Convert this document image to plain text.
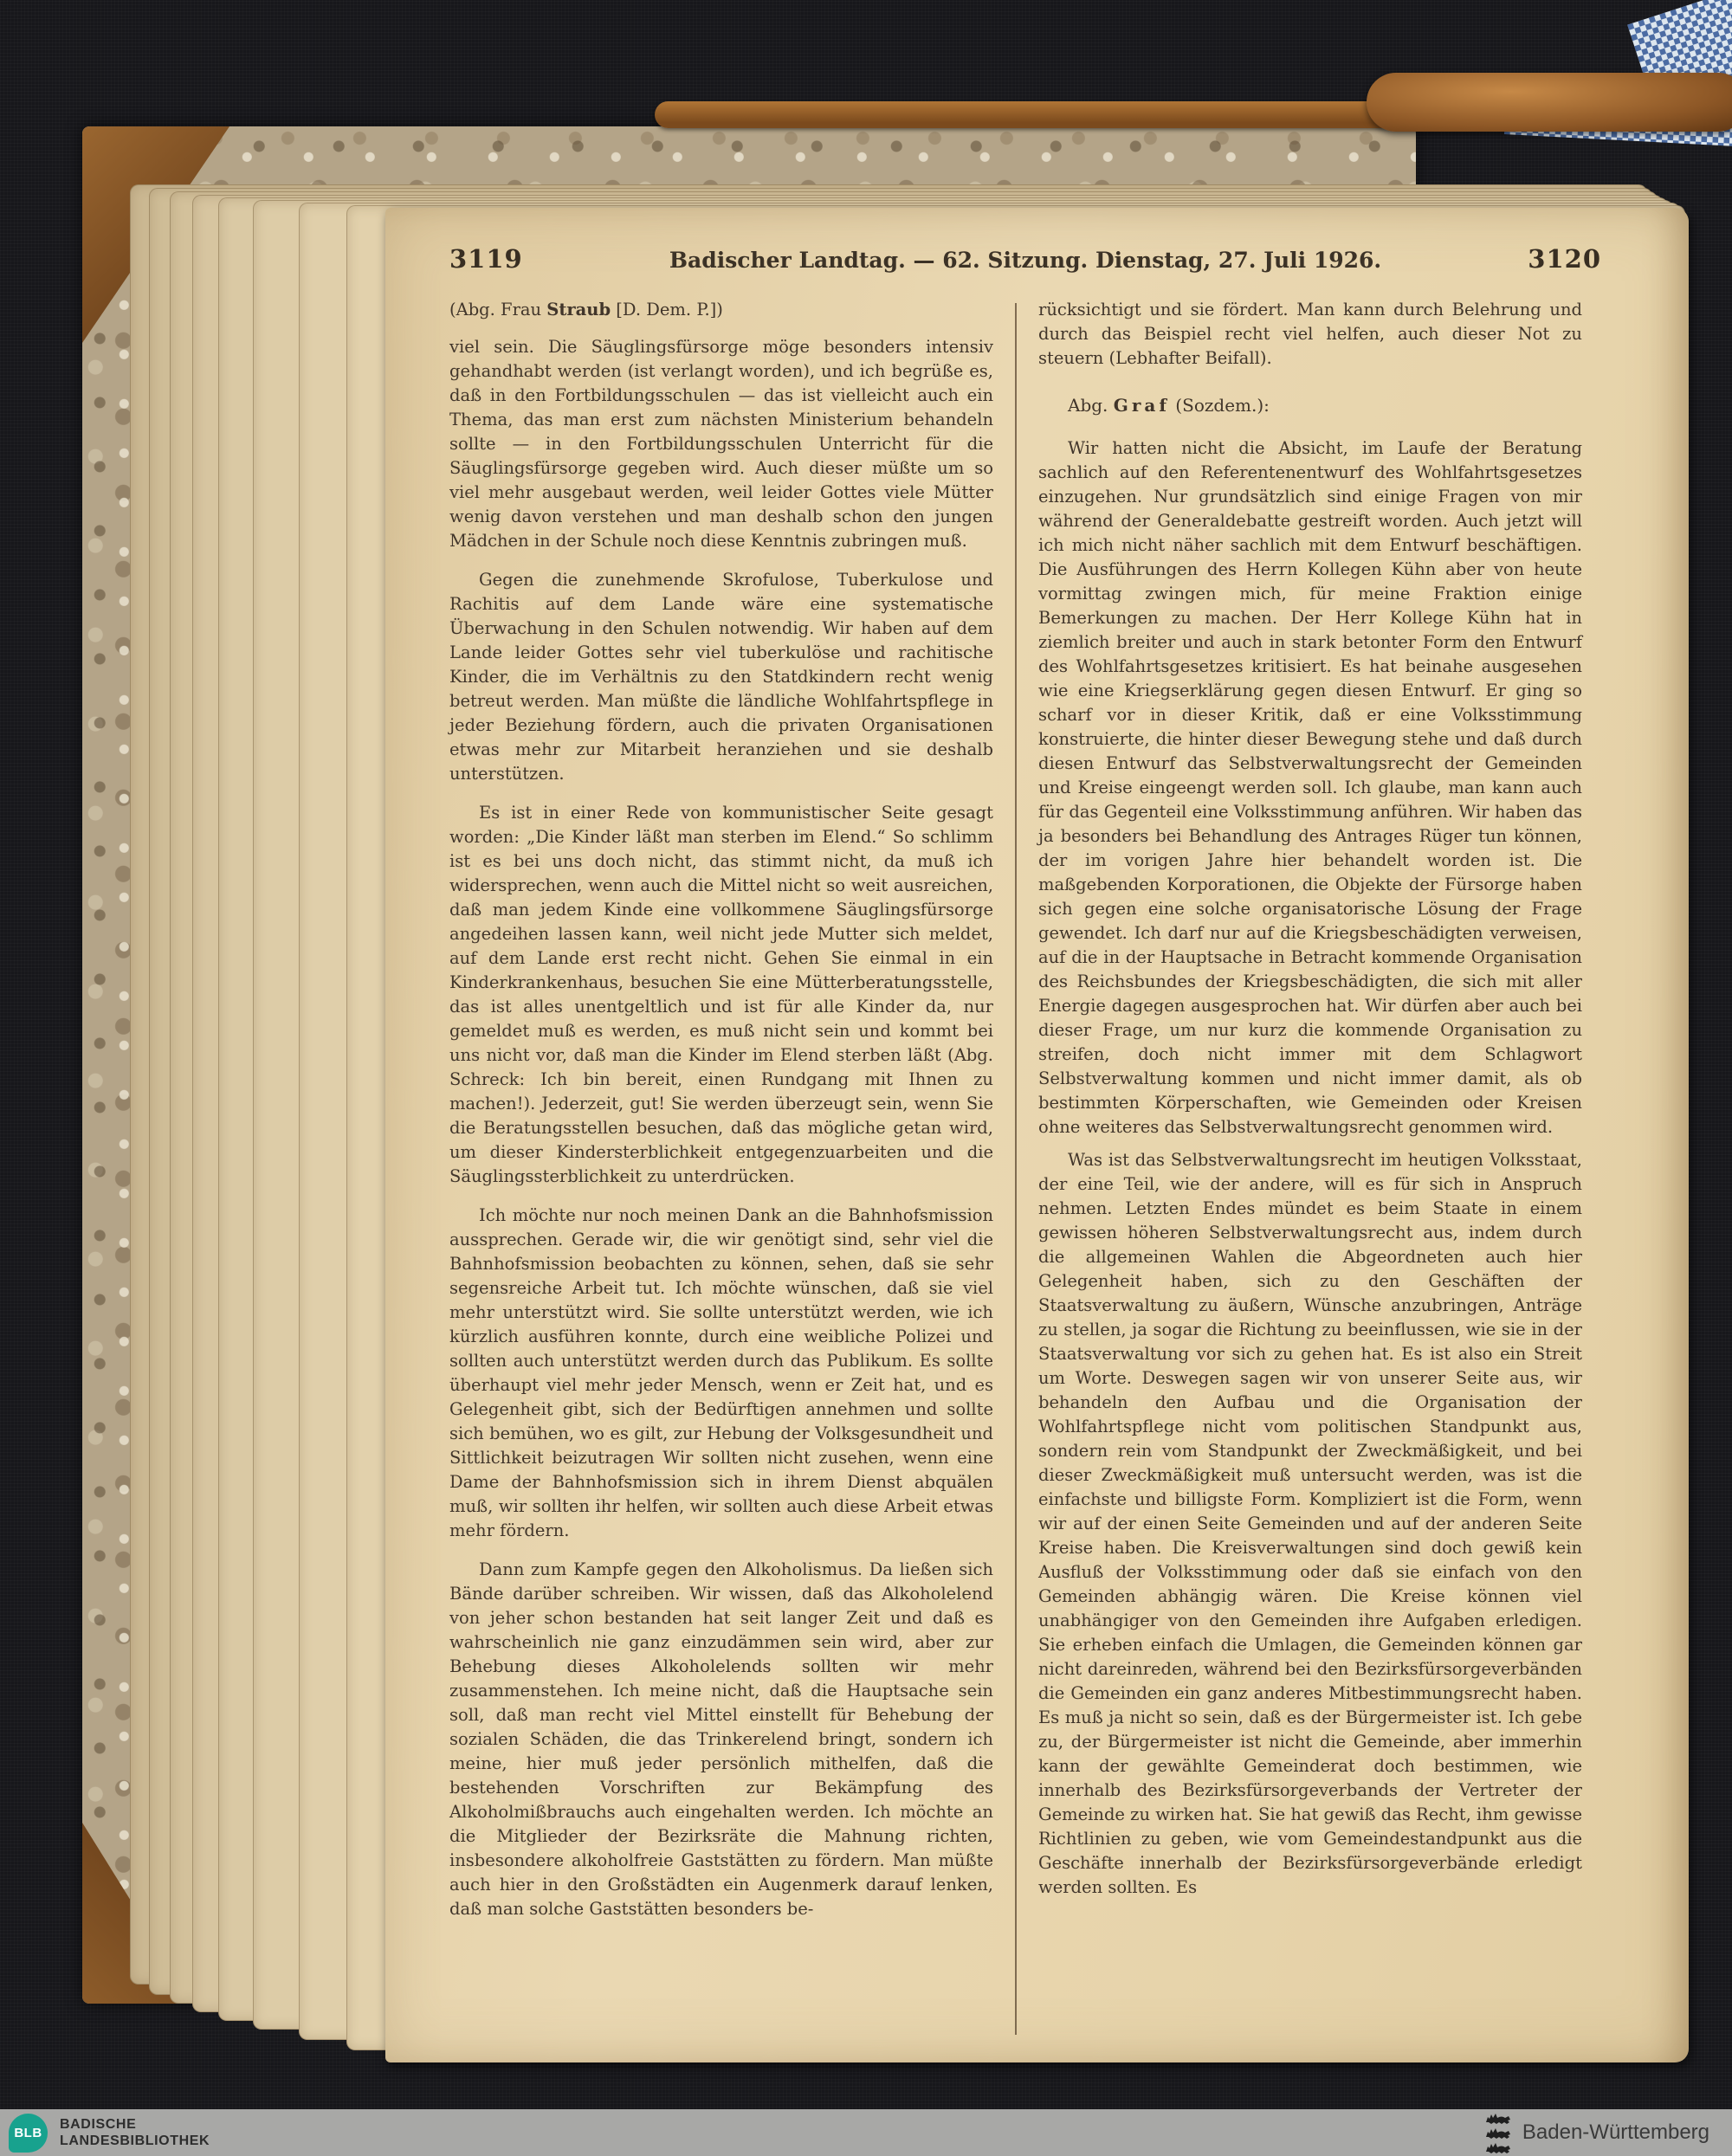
3119	Badischer Landtag. — 62. Sitzung. Dienstag, 27. Juli 1926.	3120

(Abg. Frau Straub [D. Dem. P.])

viel sein. Die Säuglingsfürsorge möge besonders intensiv gehandhabt werden (ist verlangt worden), und ich begrüße es, daß in den Fortbildungsschulen — das ist vielleicht auch ein Thema, das man erst zum nächsten Ministerium behandeln sollte — in den Fortbildungsschulen Unterricht für die Säuglingsfürsorge gegeben wird. Auch dieser müßte um so viel mehr ausgebaut werden, weil leider Gottes viele Mütter wenig davon verstehen und man deshalb schon den jungen Mädchen in der Schule noch diese Kenntnis zubringen muß.

Gegen die zunehmende Skrofulose, Tuberkulose und Rachitis auf dem Lande wäre eine systematische Überwachung in den Schulen notwendig. Wir haben auf dem Lande leider Gottes sehr viel tuberkulöse und rachitische Kinder, die im Verhältnis zu den Statdkindern recht wenig betreut werden. Man müßte die ländliche Wohlfahrtspflege in jeder Beziehung fördern, auch die privaten Organisationen etwas mehr zur Mitarbeit heranziehen und sie deshalb unterstützen.

Es ist in einer Rede von kommunistischer Seite gesagt worden: „Die Kinder läßt man sterben im Elend.“ So schlimm ist es bei uns doch nicht, das stimmt nicht, da muß ich widersprechen, wenn auch die Mittel nicht so weit ausreichen, daß man jedem Kinde eine vollkommene Säuglingsfürsorge angedeihen lassen kann, weil nicht jede Mutter sich meldet, auf dem Lande erst recht nicht. Gehen Sie einmal in ein Kinderkrankenhaus, besuchen Sie eine Mütterberatungsstelle, das ist alles unentgeltlich und ist für alle Kinder da, nur gemeldet muß es werden, es muß nicht sein und kommt bei uns nicht vor, daß man die Kinder im Elend sterben läßt (Abg. Schreck: Ich bin bereit, einen Rundgang mit Ihnen zu machen!). Jederzeit, gut! Sie werden überzeugt sein, wenn Sie die Beratungsstellen besuchen, daß das mögliche getan wird, um dieser Kindersterblichkeit entgegenzuarbeiten und die Säuglingssterblichkeit zu unterdrücken.

Ich möchte nur noch meinen Dank an die Bahnhofsmission aussprechen. Gerade wir, die wir genötigt sind, sehr viel die Bahnhofsmission beobachten zu können, sehen, daß sie sehr segensreiche Arbeit tut. Ich möchte wünschen, daß sie viel mehr unterstützt wird. Sie sollte unterstützt werden, wie ich kürzlich ausführen konnte, durch eine weibliche Polizei und sollten auch unterstützt werden durch das Publikum. Es sollte überhaupt viel mehr jeder Mensch, wenn er Zeit hat, und es Gelegenheit gibt, sich der Bedürftigen annehmen und sollte sich bemühen, wo es gilt, zur Hebung der Volksgesundheit und Sittlichkeit beizutragen Wir sollten nicht zusehen, wenn eine Dame der Bahnhofsmission sich in ihrem Dienst abquälen muß, wir sollten ihr helfen, wir sollten auch diese Arbeit etwas mehr fördern.

Dann zum Kampfe gegen den Alkoholismus. Da ließen sich Bände darüber schreiben. Wir wissen, daß das Alkoholelend von jeher schon bestanden hat seit langer Zeit und daß es wahrscheinlich nie ganz einzudämmen sein wird, aber zur Behebung dieses Alkoholelends sollten wir mehr zusammenstehen. Ich meine nicht, daß die Hauptsache sein soll, daß man recht viel Mittel einstellt für Behebung der sozialen Schäden, die das Trinkerelend bringt, sondern ich meine, hier muß jeder persönlich mithelfen, daß die bestehenden Vorschriften zur Bekämpfung des Alkoholmißbrauchs auch eingehalten werden. Ich möchte an die Mitglieder der Bezirksräte die Mahnung richten, insbesondere alkoholfreie Gaststätten zu fördern. Man müßte auch hier in den Großstädten ein Augenmerk darauf lenken, daß man solche Gaststätten besonders be-

rücksichtigt und sie fördert. Man kann durch Belehrung und durch das Beispiel recht viel helfen, auch dieser Not zu steuern (Lebhafter Beifall).

Abg. Graf (Sozdem.):

Wir hatten nicht die Absicht, im Laufe der Beratung sachlich auf den Referentenentwurf des Wohlfahrtsgesetzes einzugehen. Nur grundsätzlich sind einige Fragen von mir während der Generaldebatte gestreift worden. Auch jetzt will ich mich nicht näher sachlich mit dem Entwurf beschäftigen. Die Ausführungen des Herrn Kollegen Kühn aber von heute vormittag zwingen mich, für meine Fraktion einige Bemerkungen zu machen. Der Herr Kollege Kühn hat in ziemlich breiter und auch in stark betonter Form den Entwurf des Wohlfahrtsgesetzes kritisiert. Es hat beinahe ausgesehen wie eine Kriegserklärung gegen diesen Entwurf. Er ging so scharf vor in dieser Kritik, daß er eine Volksstimmung konstruierte, die hinter dieser Bewegung stehe und daß durch diesen Entwurf das Selbstverwaltungsrecht der Gemeinden und Kreise eingeengt werden soll. Ich glaube, man kann auch für das Gegenteil eine Volksstimmung anführen. Wir haben das ja besonders bei Behandlung des Antrages Rüger tun können, der im vorigen Jahre hier behandelt worden ist. Die maßgebenden Korporationen, die Objekte der Fürsorge haben sich gegen eine solche organisatorische Lösung der Frage gewendet. Ich darf nur auf die Kriegsbeschädigten verweisen, auf die in der Hauptsache in Betracht kommende Organisation des Reichsbundes der Kriegsbeschädigten, die sich mit aller Energie dagegen ausgesprochen hat. Wir dürfen aber auch bei dieser Frage, um nur kurz die kommende Organisation zu streifen, doch nicht immer mit dem Schlagwort Selbstverwaltung kommen und nicht immer damit, als ob bestimmten Körperschaften, wie Gemeinden oder Kreisen ohne weiteres das Selbstverwaltungsrecht genommen wird.

Was ist das Selbstverwaltungsrecht im heutigen Volksstaat, der eine Teil, wie der andere, will es für sich in Anspruch nehmen. Letzten Endes mündet es beim Staate in einem gewissen höheren Selbstverwaltungsrecht aus, indem durch die allgemeinen Wahlen die Abgeordneten auch hier Gelegenheit haben, sich zu den Geschäften der Staatsverwaltung zu äußern, Wünsche anzubringen, Anträge zu stellen, ja sogar die Richtung zu beeinflussen, wie sie in der Staatsverwaltung vor sich zu gehen hat. Es ist also ein Streit um Worte. Deswegen sagen wir von unserer Seite aus, wir behandeln den Aufbau und die Organisation der Wohlfahrtspflege nicht vom politischen Standpunkt aus, sondern rein vom Standpunkt der Zweckmäßigkeit, und bei dieser Zweckmäßigkeit muß untersucht werden, was ist die einfachste und billigste Form. Kompliziert ist die Form, wenn wir auf der einen Seite Gemeinden und auf der anderen Seite Kreise haben. Die Kreisverwaltungen sind doch gewiß kein Ausfluß der Volksstimmung oder daß sie einfach von den Gemeinden abhängig wären. Die Kreise können viel unabhängiger von den Gemeinden ihre Aufgaben erledigen. Sie erheben einfach die Umlagen, die Gemeinden können gar nicht dareinreden, während bei den Bezirksfürsorgeverbänden die Gemeinden ein ganz anderes Mitbestimmungsrecht haben. Es muß ja nicht so sein, daß es der Bürgermeister ist. Ich gebe zu, der Bürgermeister ist nicht die Gemeinde, aber immerhin kann der gewählte Gemeinderat doch bestimmen, wie innerhalb des Bezirksfürsorgeverbands der Vertreter der Gemeinde zu wirken hat. Sie hat gewiß das Recht, ihm gewisse Richtlinien zu geben, wie vom Gemeindestandpunkt aus die Geschäfte innerhalb der Bezirksfürsorgeverbände erledigt werden sollten. Es

BLB
BADISCHE
LANDESBIBLIOTHEK	Baden-Württemberg
